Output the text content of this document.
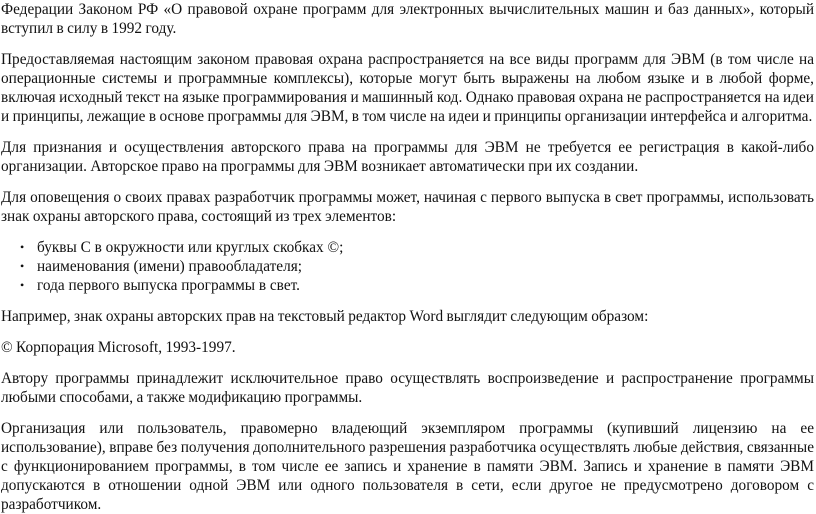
Федерации Законом РФ «О правовой охране программ для электронных вычислительных машин и баз данных», который вступил в силу в 1992 году.

Предоставляемая настоящим законом правовая охрана распространяется на все виды программ для ЭВМ (в том числе на операционные системы и программные комплексы), которые могут быть выражены на любом языке и в любой форме, включая исходный текст на языке программирования и машинный код. Однако правовая охрана не распространяется на идеи и принципы, лежащие в основе программы для ЭВМ, в том числе на идеи и принципы организации интерфейса и алгоритма.

Для признания и осуществления авторского права на программы для ЭВМ не требуется ее регистрация в какой-либо организации. Авторское право на программы для ЭВМ возникает автоматически при их создании.

Для оповещения о своих правах разработчик программы может, начиная с первого выпуска в свет программы, использовать знак охраны авторского права, состоящий из трех элементов:

• буквы С в окружности или круглых скобках ©;
• наименования (имени) правообладателя;
• года первого выпуска программы в свет.

Например, знак охраны авторских прав на текстовый редактор Word выглядит следующим образом:

© Корпорация Microsoft, 1993-1997.

Автору программы принадлежит исключительное право осуществлять воспроизведение и распространение программы любыми способами, а также модификацию программы.

Организация или пользователь, правомерно владеющий экземпляром программы (купивший лицензию на ее использование), вправе без получения дополнительного разрешения разработчика осуществлять любые действия, связанные с функционированием программы, в том числе ее запись и хранение в памяти ЭВМ. Запись и хранение в памяти ЭВМ допускаются в отношении одной ЭВМ или одного пользователя в сети, если другое не предусмотрено договором с разработчиком.
